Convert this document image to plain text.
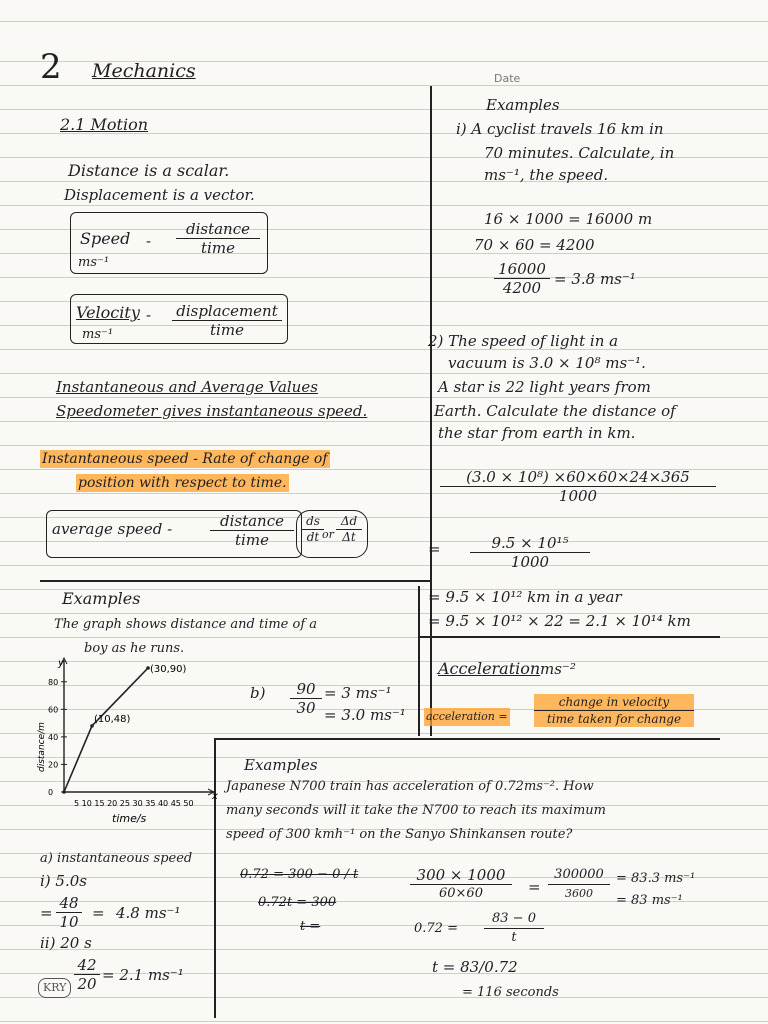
2 Mechanics	Date
2.1 Motion
Distance is a scalar.
Displacement is a vector.
Speed
ms⁻¹
-
distance
time
Velocity
ms⁻¹
- displacement
time
Instantaneous and Average Values
Speedometer gives instantaneous speed.
Instantaneous speed - Rate of change of
position with respect to time.
average speed -	distance
time	$\frac{ds}{dt}$
or $\frac{\Delta d}{\Delta t}$
Examples
The graph shows distance and time of a
boy as he runs.
y
x
80
60
40
20
0
5 10 15 20 25 30 35 40 45 50
time/s
distance/m
(10,48)
(30,90)
$b) \frac{90}{30} = 3$ ms⁻¹
= 3.0 ms⁻¹
a) instantaneous speed
i) 5.0s
= $\frac{48}{10} = 4.8$ ms⁻¹
ii) 20 s
$\frac{42}{20} = 2.1$ ms⁻¹
KRY
Examples
i) A cyclist travels 16 km in
70 minutes. Calculate, in
ms⁻¹, the speed.
16 × 1000 = 16000 m
70 × 60 = 4200
$\frac{16000}{4200} = 3.8$ ms⁻¹
2) The speed of light in a
vacuum is 3.0 × 10⁸ ms⁻¹.
A star is 22 light years from
Earth. Calculate the distance of
the star from earth in km.
$\frac{\text{(3.0 × 10⁸) ×60×60×24×365}}{1000}$
= $\frac{\text{9.5 × 10¹⁵}}{1000}$
= 9.5 × 10¹² km in a year
= 9.5 × 10¹² × 22 = 2.1 × 10¹⁴ km
Acceleration ms⁻²
acceleration =
change in velocity
time taken for change
Examples
Japanese N700 train has acceleration of 0.72ms⁻². How
many seconds will it take the N700 to reach its maximum
speed of 300 kmh⁻¹ on the Sanyo Shinkansen route?
0.72 = 300 − 0 / t
0.72t = 300
t =
$\frac{300 \times 1000}{60\times 60}$ =
300000
3600
= 83.3 ms⁻¹
= 83 ms⁻¹
$0.72 = \frac{83 - 0}{t}$
t = 83/0.72
= 116 seconds
